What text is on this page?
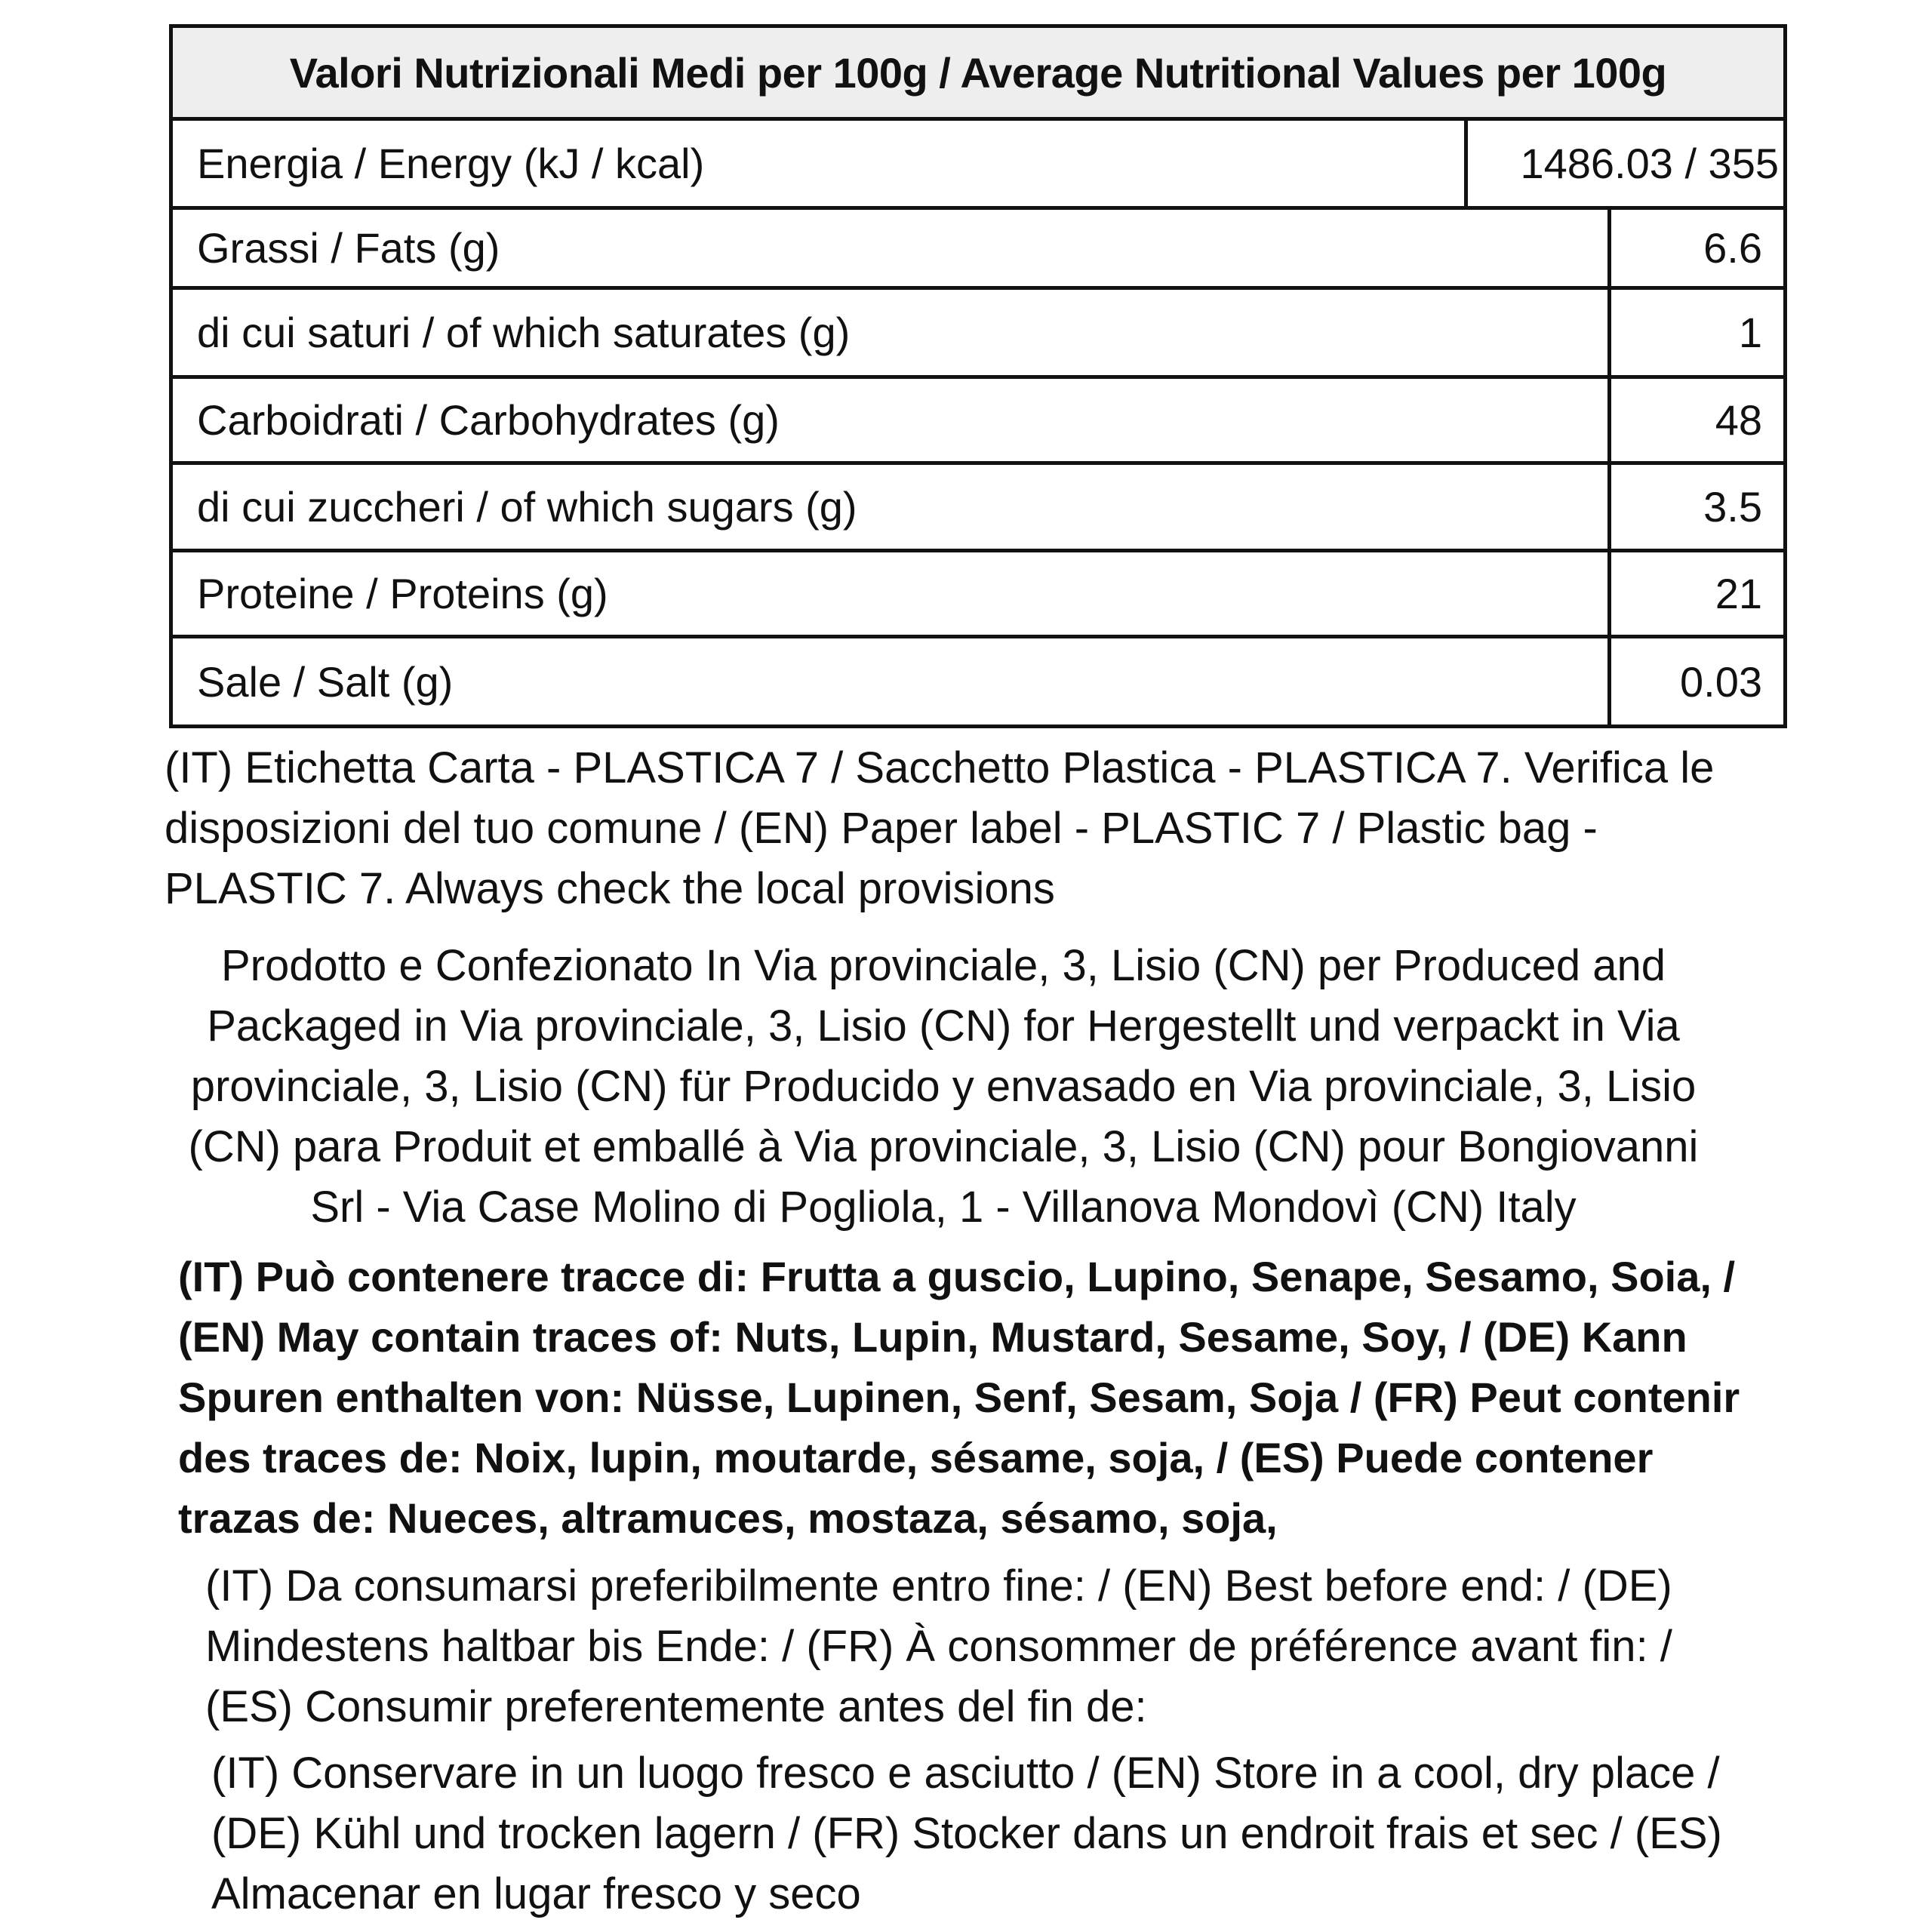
Valori Nutrizionali Medi per 100g / Average Nutritional Values per 100g
Energia / Energy (kJ / kcal)	1486.03 / 355
Grassi / Fats (g)	6.6
di cui saturi / of which saturates (g)	1
Carboidrati / Carbohydrates (g)	48
di cui zuccheri / of which sugars (g)	3.5
Proteine / Proteins (g)	21
Sale / Salt (g)	0.03
(IT) Etichetta Carta - PLASTICA 7 / Sacchetto Plastica - PLASTICA 7. Verifica le
disposizioni del tuo comune / (EN) Paper label - PLASTIC 7 / Plastic bag -
PLASTIC 7. Always check the local provisions
Prodotto e Confezionato In Via provinciale, 3, Lisio (CN) per Produced and
Packaged in Via provinciale, 3, Lisio (CN) for Hergestellt und verpackt in Via
provinciale, 3, Lisio (CN) für Producido y envasado en Via provinciale, 3, Lisio
(CN) para Produit et emballé à Via provinciale, 3, Lisio (CN) pour Bongiovanni
Srl - Via Case Molino di Pogliola, 1 - Villanova Mondovì (CN) Italy
(IT) Può contenere tracce di: Frutta a guscio, Lupino, Senape, Sesamo, Soia, /
(EN) May contain traces of: Nuts, Lupin, Mustard, Sesame, Soy, / (DE) Kann
Spuren enthalten von: Nüsse, Lupinen, Senf, Sesam, Soja / (FR) Peut contenir
des traces de: Noix, lupin, moutarde, sésame, soja, / (ES) Puede contener
trazas de: Nueces, altramuces, mostaza, sésamo, soja,
(IT) Da consumarsi preferibilmente entro fine: / (EN) Best before end: / (DE)
Mindestens haltbar bis Ende: / (FR) À consommer de préférence avant fin: /
(ES) Consumir preferentemente antes del fin de:
(IT) Conservare in un luogo fresco e asciutto / (EN) Store in a cool, dry place /
(DE) Kühl und trocken lagern / (FR) Stocker dans un endroit frais et sec / (ES)
Almacenar en lugar fresco y seco
